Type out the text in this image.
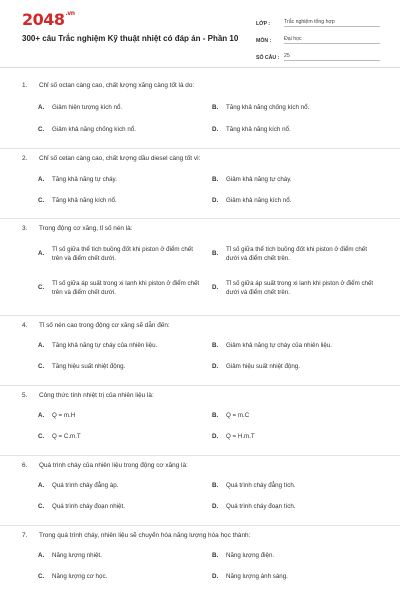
$2048^{.vn}$
300+ câu Trắc nghiệm Kỹ thuật nhiệt có đáp án - Phần 10
LỚP :	Trắc nghiệm tổng hợp
MÔN :	Đại học
SỐ CÂU : 25
1.	Chỉ số octan càng cao, chất lượng xăng càng tốt là do:
A.	Giảm hiện tượng kích nổ.	B.	Tăng khả năng chống kích nổ.
C.	Giảm khả năng chống kích nổ.	D.	Tăng khả năng kích nổ.
2.	Chỉ số cetan càng cao, chất lượng dầu diesel càng tốt vì:
A.	Tăng khả năng tự cháy.	B.	Giảm khả năng tự cháy.
C.	Tăng khả năng kích nổ.	D.	Giảm khả năng kích nổ.
3.	Trong động cơ xăng, tỉ số nén là:
A.
Tỉ số giữa thể tích buồng đốt khi piston ở điểm chết trên và điểm chết dưới.
B.
Tỉ số giữa thể tích buồng đốt khi piston ở điểm chết dưới và điểm chết trên.
C.
Tỉ số giữa áp suất trong xi lanh khi piston ở điểm chết trên và điểm chết dưới.
D.
Tỉ số giữa áp suất trong xi lanh khi piston ở điểm chết dưới và điểm chết trên.
4.	Tỉ số nén cao trong động cơ xăng sẽ dẫn đến:
A.	Tăng khả năng tự cháy của nhiên liệu.	B.	Giảm khả năng tự cháy của nhiên liệu.
C.	Tăng hiệu suất nhiệt động.	D.	Giảm hiệu suất nhiệt động.
5.	Công thức tính nhiệt trị của nhiên liệu là:
A.	Q = m.H	B.	Q = m.C
C.	Q = C.m.T	D.	Q = H.m.T
6.	Quá trình cháy của nhiên liệu trong động cơ xăng là:
A.	Quá trình cháy đẳng áp.	B.	Quá trình cháy đẳng tích.
C.	Quá trình cháy đoạn nhiệt.	D.	Quá trình cháy đoạn tích.
7.	Trong quá trình cháy, nhiên liệu sẽ chuyển hóa năng lượng hóa học thành:
A.	Năng lượng nhiệt.	B.	Năng lượng điện.
C.	Năng lượng cơ học.	D.	Năng lượng ánh sáng.
